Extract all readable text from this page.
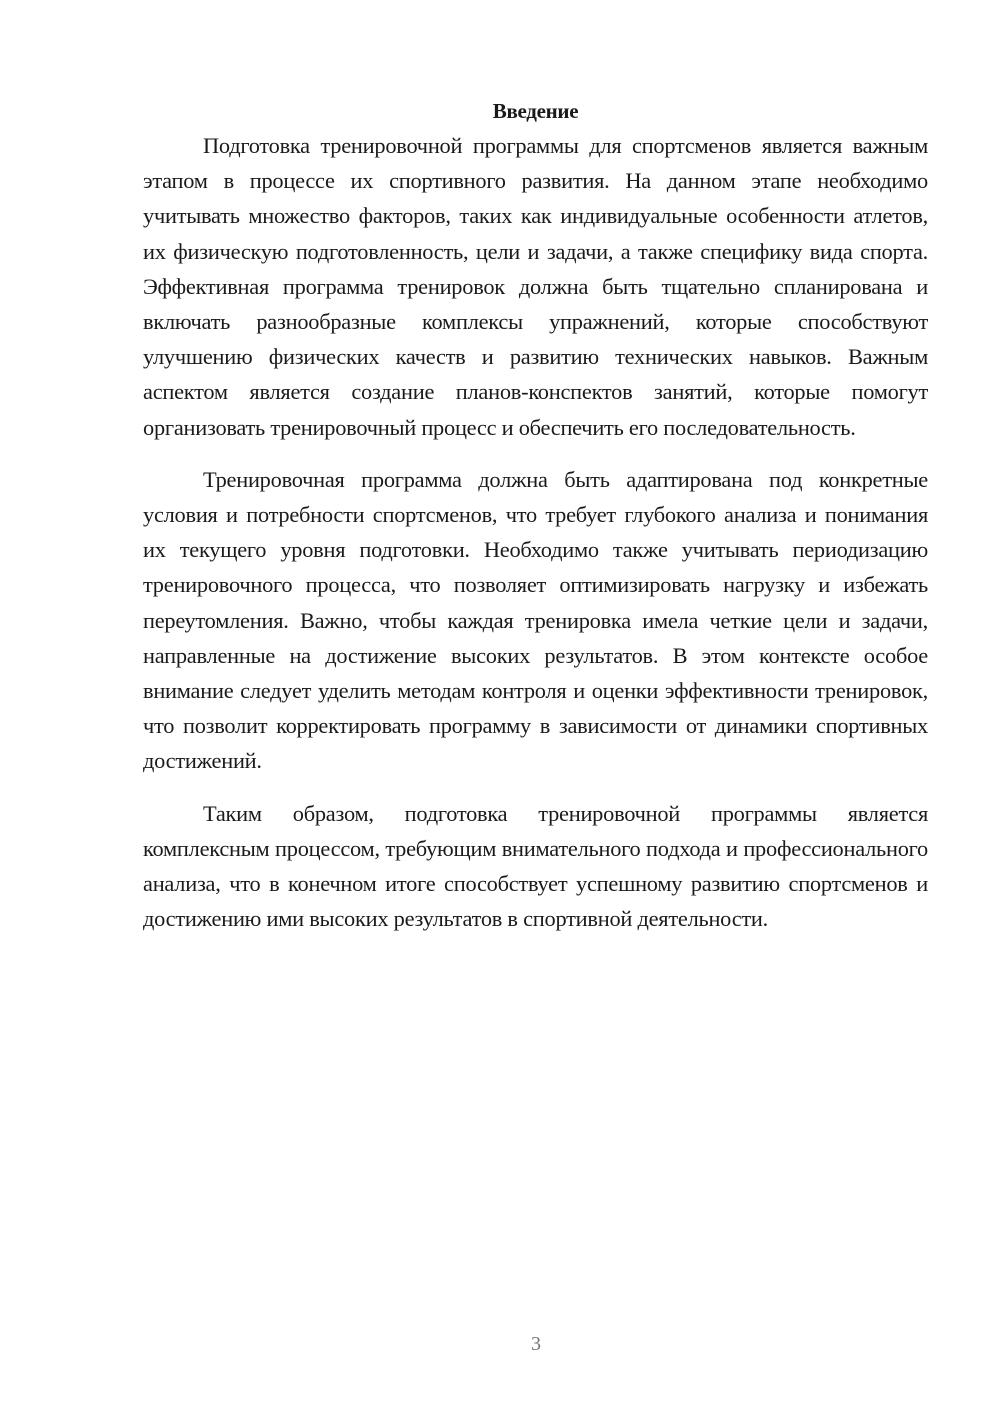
Введение

Подготовка тренировочной программы для спортсменов является важным этапом в процессе их спортивного развития. На данном этапе необходимо учитывать множество факторов, таких как индивидуальные особенности атлетов, их физическую подготовленность, цели и задачи, а также специфику вида спорта. Эффективная программа тренировок должна быть тщательно спланирована и включать разнообразные комплексы упражнений, которые способствуют улучшению физических качеств и развитию технических навыков. Важным аспектом является создание планов-конспектов занятий, которые помогут организовать тренировочный процесс и обеспечить его последовательность.

Тренировочная программа должна быть адаптирована под конкретные условия и потребности спортсменов, что требует глубокого анализа и понимания их текущего уровня подготовки. Необходимо также учитывать периодизацию тренировочного процесса, что позволяет оптимизировать нагрузку и избежать переутомления. Важно, чтобы каждая тренировка имела четкие цели и задачи, направленные на достижение высоких результатов. В этом контексте особое внимание следует уделить методам контроля и оценки эффективности тренировок, что позволит корректировать программу в зависимости от динамики спортивных достижений.

Таким образом, подготовка тренировочной программы является комплексным процессом, требующим внимательного подхода и профессионального анализа, что в конечном итоге способствует успешному развитию спортсменов и достижению ими высоких результатов в спортивной деятельности.

3
